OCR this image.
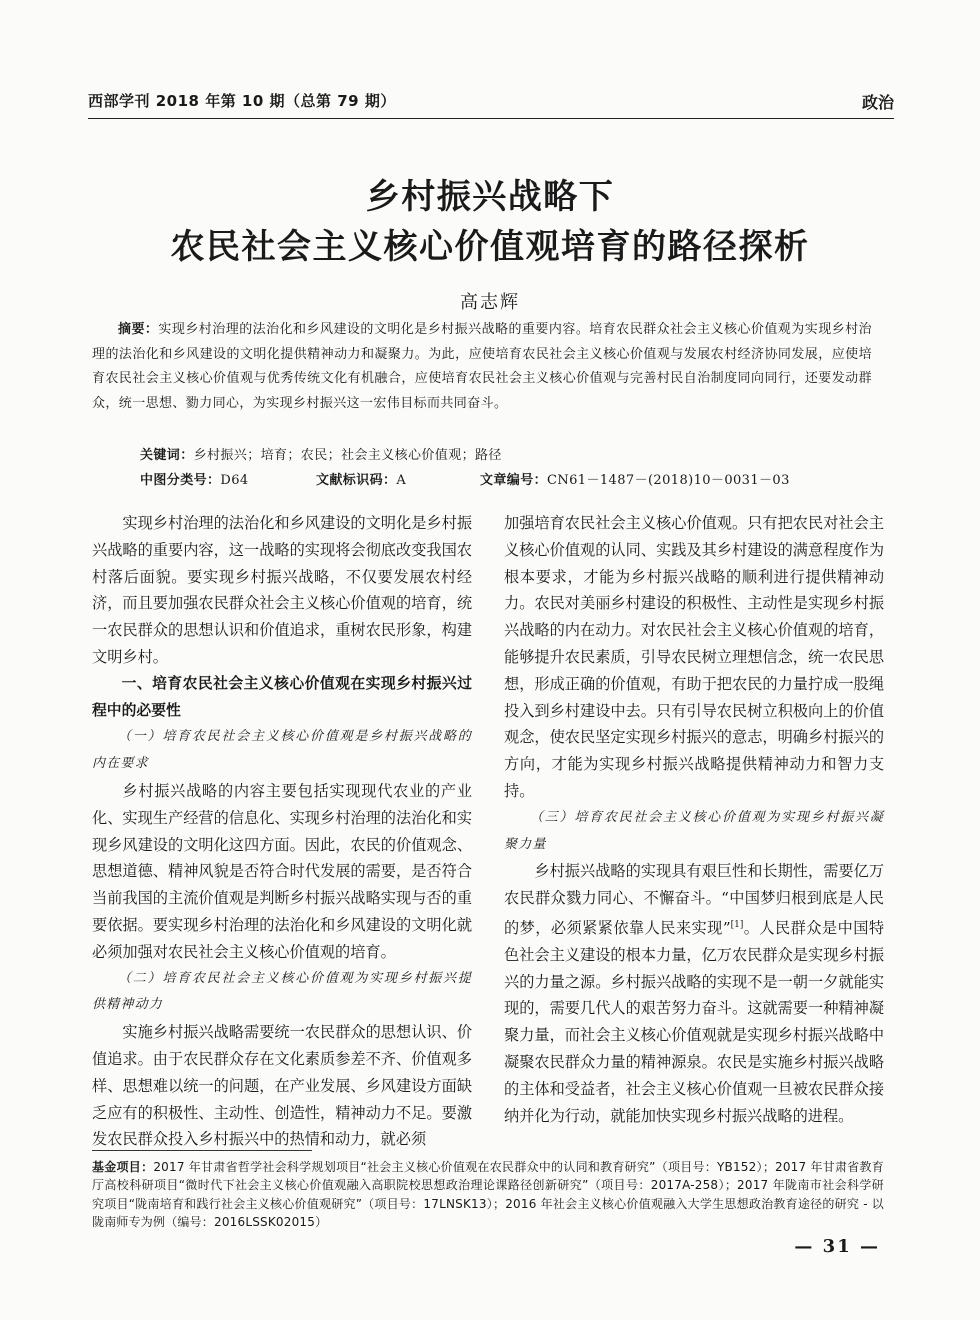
西部学刊 2018 年第 10 期（总第 79 期）	政治
乡村振兴战略下
农民社会主义核心价值观培育的路径探析
高志辉

摘要：实现乡村治理的法治化和乡风建设的文明化是乡村振兴战略的重要内容。培育农民群众社会主义核心价值观为实现乡村治理的法治化和乡风建设的文明化提供精神动力和凝聚力。为此，应使培育农民社会主义核心价值观与发展农村经济协同发展，应使培育农民社会主义核心价值观与优秀传统文化有机融合，应使培育农民社会主义核心价值观与完善村民自治制度同向同行，还要发动群众，统一思想、勠力同心，为实现乡村振兴这一宏伟目标而共同奋斗。

关键词：乡村振兴；培育；农民；社会主义核心价值观；路径
中图分类号：D64	文献标识码：A	文章编号：CN61－1487－(2018)10－0031－03

实现乡村治理的法治化和乡风建设的文明化是乡村振兴战略的重要内容，这一战略的实现将会彻底改变我国农村落后面貌。要实现乡村振兴战略，不仅要发展农村经济，而且要加强农民群众社会主义核心价值观的培育，统一农民群众的思想认识和价值追求，重树农民形象，构建文明乡村。

一、培育农民社会主义核心价值观在实现乡村振兴过程中的必要性

（一）培育农民社会主义核心价值观是乡村振兴战略的内在要求

乡村振兴战略的内容主要包括实现现代农业的产业化、实现生产经营的信息化、实现乡村治理的法治化和实现乡风建设的文明化这四方面。因此，农民的价值观念、思想道德、精神风貌是否符合时代发展的需要，是否符合当前我国的主流价值观是判断乡村振兴战略实现与否的重要依据。要实现乡村治理的法治化和乡风建设的文明化就必须加强对农民社会主义核心价值观的培育。

（二）培育农民社会主义核心价值观为实现乡村振兴提供精神动力

实施乡村振兴战略需要统一农民群众的思想认识、价值追求。由于农民群众存在文化素质参差不齐、价值观多样、思想难以统一的问题，在产业发展、乡风建设方面缺乏应有的积极性、主动性、创造性，精神动力不足。要激发农民群众投入乡村振兴中的热情和动力，就必须

加强培育农民社会主义核心价值观。只有把农民对社会主义核心价值观的认同、实践及其乡村建设的满意程度作为根本要求，才能为乡村振兴战略的顺利进行提供精神动力。农民对美丽乡村建设的积极性、主动性是实现乡村振兴战略的内在动力。对农民社会主义核心价值观的培育，能够提升农民素质，引导农民树立理想信念，统一农民思想，形成正确的价值观，有助于把农民的力量拧成一股绳投入到乡村建设中去。只有引导农民树立积极向上的价值观念，使农民坚定实现乡村振兴的意志，明确乡村振兴的方向，才能为实现乡村振兴战略提供精神动力和智力支持。

（三）培育农民社会主义核心价值观为实现乡村振兴凝聚力量

乡村振兴战略的实现具有艰巨性和长期性，需要亿万农民群众戮力同心、不懈奋斗。“中国梦归根到底是人民的梦，必须紧紧依靠人民来实现”[1]。人民群众是中国特色社会主义建设的根本力量，亿万农民群众是实现乡村振兴的力量之源。乡村振兴战略的实现不是一朝一夕就能实现的，需要几代人的艰苦努力奋斗。这就需要一种精神凝聚力量，而社会主义核心价值观就是实现乡村振兴战略中凝聚农民群众力量的精神源泉。农民是实施乡村振兴战略的主体和受益者，社会主义核心价值观一旦被农民群众接纳并化为行动，就能加快实现乡村振兴战略的进程。

基金项目：2017 年甘肃省哲学社会科学规划项目“社会主义核心价值观在农民群众中的认同和教育研究”（项目号：YB152）；2017 年甘肃省教育厅高校科研项目“微时代下社会主义核心价值观融入高职院校思想政治理论课路径创新研究”（项目号：2017A-258）；2017 年陇南市社会科学研究项目“陇南培育和践行社会主义核心价值观研究”（项目号：17LNSK13）；2016 年社会主义核心价值观融入大学生思想政治教育途径的研究 - 以陇南师专为例（编号：2016LSSK02015）
— 31 —
